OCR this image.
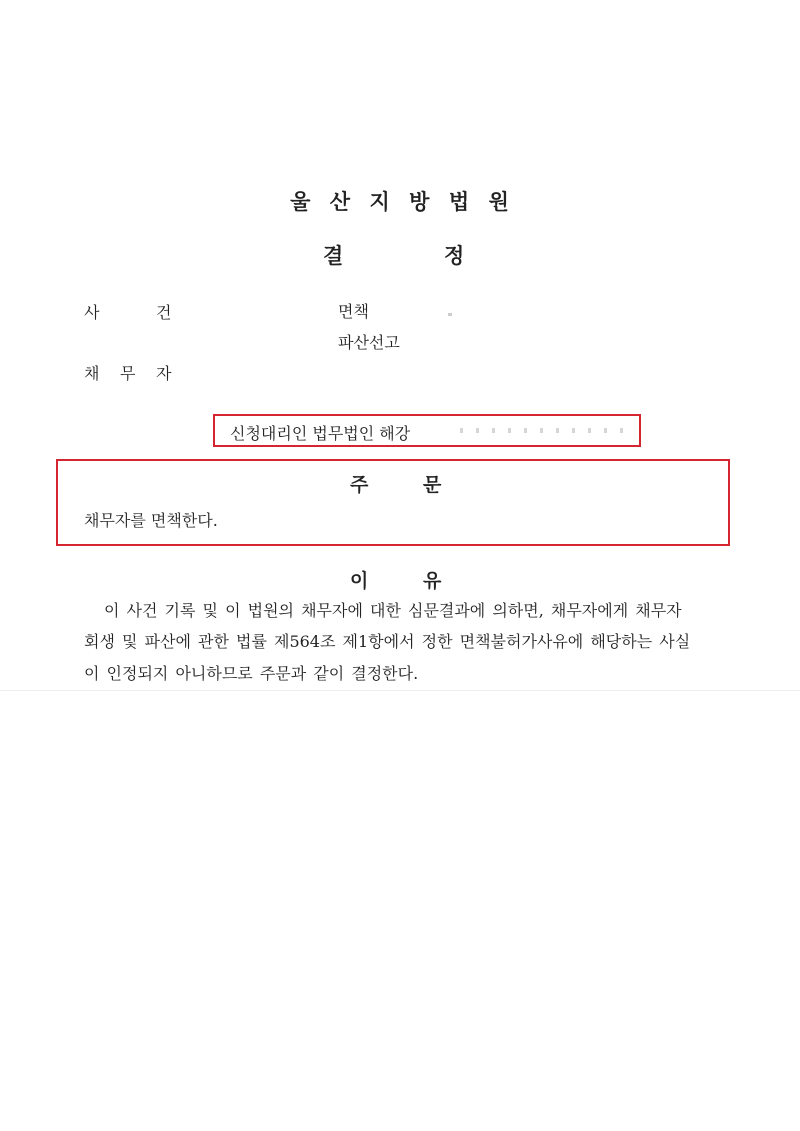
울 산 지 방 법 원
결	정
사	건	면책
파산선고
채 무 자
신청대리인 법무법인 해강
주	문
채무자를 면책한다.
이	유
이 사건 기록 및 이 법원의 채무자에 대한 심문결과에 의하면, 채무자에게 채무자
회생 및 파산에 관한 법률 제564조 제1항에서 정한 면책불허가사유에 해당하는 사실
이 인정되지 아니하므로 주문과 같이 결정한다.
